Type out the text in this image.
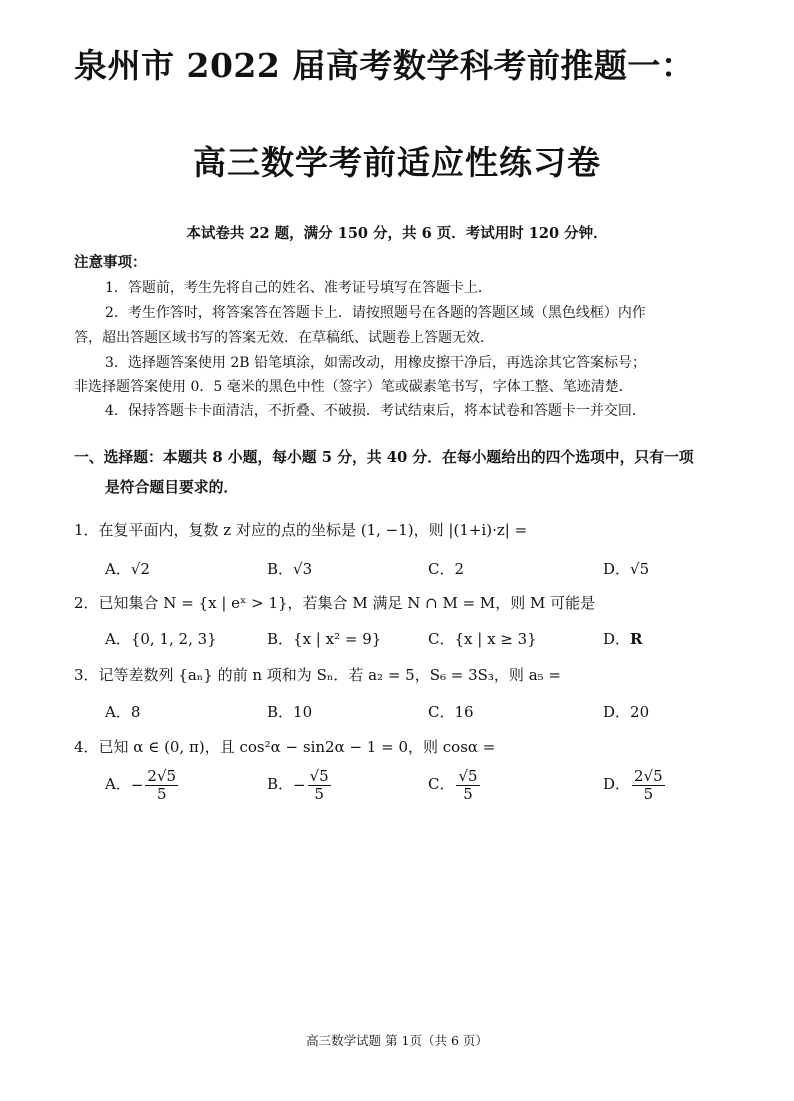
泉州市 2022 届高考数学科考前推题一：
高三数学考前适应性练习卷
本试卷共 22 题，满分 150 分，共 6 页．考试用时 120 分钟．
注意事项：
1．答题前，考生先将自己的姓名、准考证号填写在答题卡上．
2．考生作答时，将答案答在答题卡上．请按照题号在各题的答题区域（黑色线框）内作
答，超出答题区域书写的答案无效．在草稿纸、试题卷上答题无效．
3．选择题答案使用 2B 铅笔填涂，如需改动，用橡皮擦干净后，再选涂其它答案标号；
非选择题答案使用 0．5 毫米的黑色中性（签字）笔或碳素笔书写，字体工整、笔迹清楚．
4．保持答题卡卡面清洁，不折叠、不破损．考试结束后，将本试卷和答题卡一并交回．
一、选择题：本题共 8 小题，每小题 5 分，共 40 分．在每小题给出的四个选项中，只有一项
是符合题目要求的．
1．在复平面内，复数 z 对应的点的坐标是 (1, −1)，则 |(1+i)·z| =
A．√2	B．√3	C．2	D．√5
2．已知集合 N = {x | eˣ > 1}，若集合 M 满足 N ∩ M = M，则 M 可能是
A．{0, 1, 2, 3}	B．{x | x² = 9}	C．{x | x ≥ 3}	D．R
3．记等差数列 {aₙ} 的前 n 项和为 Sₙ．若 a₂ = 5，S₆ = 3S₃，则 a₅ =
A．8	B．10	C．16	D．20
4．已知 α ∈ (0, π)，且 cos²α − sin2α − 1 = 0，则 cosα =
A．− $\frac{2√5}{5}$	B．− $\frac{√5}{5}$	C． $\frac{√5}{5}$	D． $\frac{2√5}{5}$
高三数学试题 第 1页（共 6 页）
